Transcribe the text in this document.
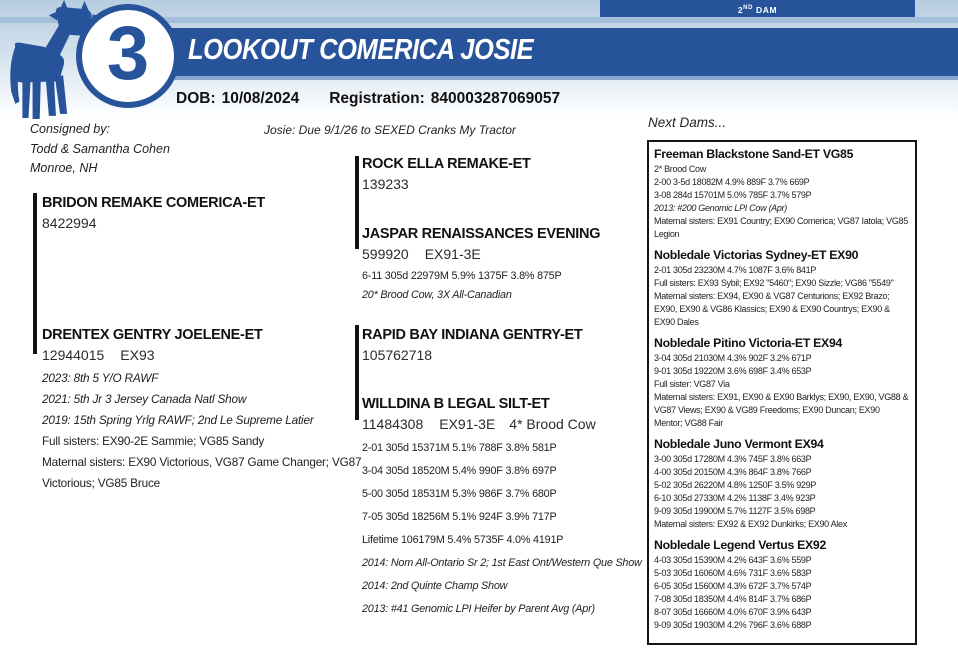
2ND DAM
LOOKOUT COMERICA JOSIE
3
DOB: 10/08/2024 Registration: 840003287069057
Consigned by:
Todd & Samantha Cohen
Monroe, NH
Josie: Due 9/1/26 to SEXED Cranks My Tractor
BRIDON REMAKE COMERICA-ET
8422994
DRENTEX GENTRY JOELENE-ET
12944015 EX93
2023: 8th 5 Y/O RAWF
2021: 5th Jr 3 Jersey Canada Natl Show
2019: 15th Spring Yrlg RAWF; 2nd Le Supreme Latier
Full sisters: EX90-2E Sammie; VG85 Sandy
Maternal sisters: EX90 Victorious, VG87 Game Changer; VG87 Victorious; VG85 Bruce
ROCK ELLA REMAKE-ET
139233
JASPAR RENAISSANCES EVENING
599920 EX91-3E
6-11 305d 22979M 5.9% 1375F 3.8% 875P
20* Brood Cow, 3X All-Canadian
RAPID BAY INDIANA GENTRY-ET
105762718
WILLDINA B LEGAL SILT-ET
11484308 EX91-3E 4* Brood Cow
2-01 305d 15371M 5.1% 788F 3.8% 581P
3-04 305d 18520M 5.4% 990F 3.8% 697P
5-00 305d 18531M 5.3% 986F 3.7% 680P
7-05 305d 18256M 5.1% 924F 3.9% 717P
Lifetime 106179M 5.4% 5735F 4.0% 4191P
2014: Nom All-Ontario Sr 2; 1st East Ont/Western Que Show
2014: 2nd Quinte Champ Show
2013: #41 Genomic LPI Heifer by Parent Avg (Apr)
Next Dams...
Freeman Blackstone Sand-ET VG85
2* Brood Cow
2-00 3-5d 18082M 4.9% 889F 3.7% 669P
3-08 284d 15701M 5.0% 785F 3.7% 579P
2013: #200 Genomic LPI Cow (Apr)
Maternal sisters: EX91 Country; EX90 Comerica; VG87 Iatola; VG85 Legion
Nobledale Victorias Sydney-ET EX90
2-01 305d 23230M 4.7% 1087F 3.6% 841P
Full sisters: EX93 Sybil; EX92 "5460"; EX90 Sizzle; VG86 "5549"
Maternal sisters: EX94, EX90 & VG87 Centurions; EX92 Brazo; EX90, EX90 & VG86 Klassics; EX90 & EX90 Countrys; EX90 & EX90 Dales
Nobledale Pitino Victoria-ET EX94
3-04 305d 21030M 4.3% 902F 3.2% 671P
9-01 305d 19220M 3.6% 698F 3.4% 653P
Full sister: VG87 Via
Maternal sisters: EX91, EX90 & EX90 Barklys; EX90, EX90, VG88 & VG87 Views; EX90 & VG89 Freedoms; EX90 Duncan; EX90 Mentor; VG88 Fair
Nobledale Juno Vermont EX94
3-00 305d 17280M 4.3% 745F 3.8% 663P
4-00 305d 20150M 4.3% 864F 3.8% 766P
5-02 305d 26220M 4.8% 1250F 3.5% 929P
6-10 305d 27330M 4.2% 1138F 3.4% 923P
9-09 305d 19900M 5.7% 1127F 3.5% 698P
Maternal sisters: EX92 & EX92 Dunkirks; EX90 Alex
Nobledale Legend Vertus EX92
4-03 305d 15390M 4.2% 643F 3.6% 559P
5-03 305d 16060M 4.6% 731F 3.6% 583P
6-05 305d 15600M 4.3% 672F 3.7% 574P
7-08 305d 18350M 4.4% 814F 3.7% 686P
8-07 305d 16660M 4.0% 670F 3.9% 643P
9-09 305d 19030M 4.2% 796F 3.6% 688P
